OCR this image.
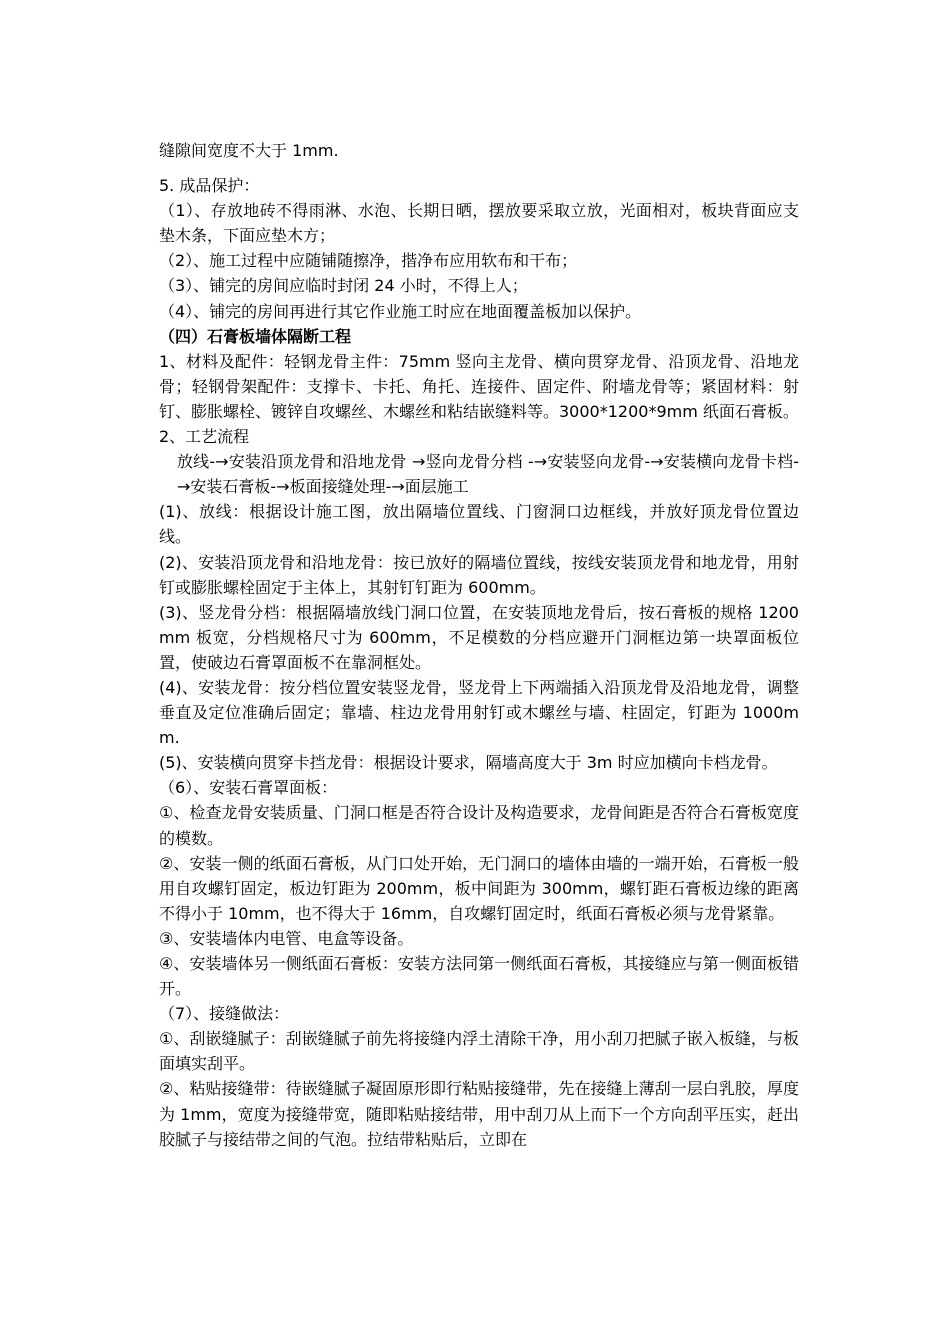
缝隙间宽度不大于 1mm.

5. 成品保护：

（1）、存放地砖不得雨淋、水泡、长期日晒，摆放要采取立放，光面相对，板块背面应支垫木条，下面应垫木方；

（2）、施工过程中应随铺随擦净，揩净布应用软布和干布；

（3）、铺完的房间应临时封闭 24 小时，不得上人；

（4）、铺完的房间再进行其它作业施工时应在地面覆盖板加以保护。

（四）石膏板墙体隔断工程

1、材料及配件：轻钢龙骨主件：75mm 竖向主龙骨、横向贯穿龙骨、沿顶龙骨、沿地龙骨；轻钢骨架配件：支撑卡、卡托、角托、连接件、固定件、附墙龙骨等；紧固材料：射钉、膨胀螺栓、镀锌自攻螺丝、木螺丝和粘结嵌缝料等。3000*1200*9mm 纸面石膏板。

2、工艺流程

放线-→安装沿顶龙骨和沿地龙骨 →竖向龙骨分档 -→安装竖向龙骨-→安装横向龙骨卡档-→安装石膏板-→板面接缝处理-→面层施工

(1)、放线：根据设计施工图，放出隔墙位置线、门窗洞口边框线，并放好顶龙骨位置边线。

(2)、安装沿顶龙骨和沿地龙骨：按已放好的隔墙位置线，按线安装顶龙骨和地龙骨，用射钉或膨胀螺栓固定于主体上，其射钉钉距为 600mm。

(3)、竖龙骨分档：根据隔墙放线门洞口位置，在安装顶地龙骨后，按石膏板的规格 1200mm 板宽，分档规格尺寸为 600mm，不足模数的分档应避开门洞框边第一块罩面板位置，使破边石膏罩面板不在靠洞框处。

(4)、安装龙骨：按分档位置安装竖龙骨，竖龙骨上下两端插入沿顶龙骨及沿地龙骨，调整垂直及定位准确后固定；靠墙、柱边龙骨用射钉或木螺丝与墙、柱固定，钉距为 1000mm.

(5)、安装横向贯穿卡挡龙骨：根据设计要求，隔墙高度大于 3m 时应加横向卡档龙骨。

（6）、安装石膏罩面板：

①、检查龙骨安装质量、门洞口框是否符合设计及构造要求，龙骨间距是否符合石膏板宽度的模数。

②、安装一侧的纸面石膏板，从门口处开始，无门洞口的墙体由墙的一端开始，石膏板一般用自攻螺钉固定，板边钉距为 200mm，板中间距为 300mm，螺钉距石膏板边缘的距离不得小于 10mm，也不得大于 16mm，自攻螺钉固定时，纸面石膏板必须与龙骨紧靠。

③、安装墙体内电管、电盒等设备。

④、安装墙体另一侧纸面石膏板：安装方法同第一侧纸面石膏板，其接缝应与第一侧面板错开。

（7）、接缝做法：

①、刮嵌缝腻子：刮嵌缝腻子前先将接缝内浮土清除干净，用小刮刀把腻子嵌入板缝，与板面填实刮平。

②、粘贴接缝带：待嵌缝腻子凝固原形即行粘贴接缝带，先在接缝上薄刮一层白乳胶，厚度为 1mm，宽度为接缝带宽，随即粘贴接结带，用中刮刀从上而下一个方向刮平压实，赶出胶腻子与接结带之间的气泡。拉结带粘贴后，立即在
